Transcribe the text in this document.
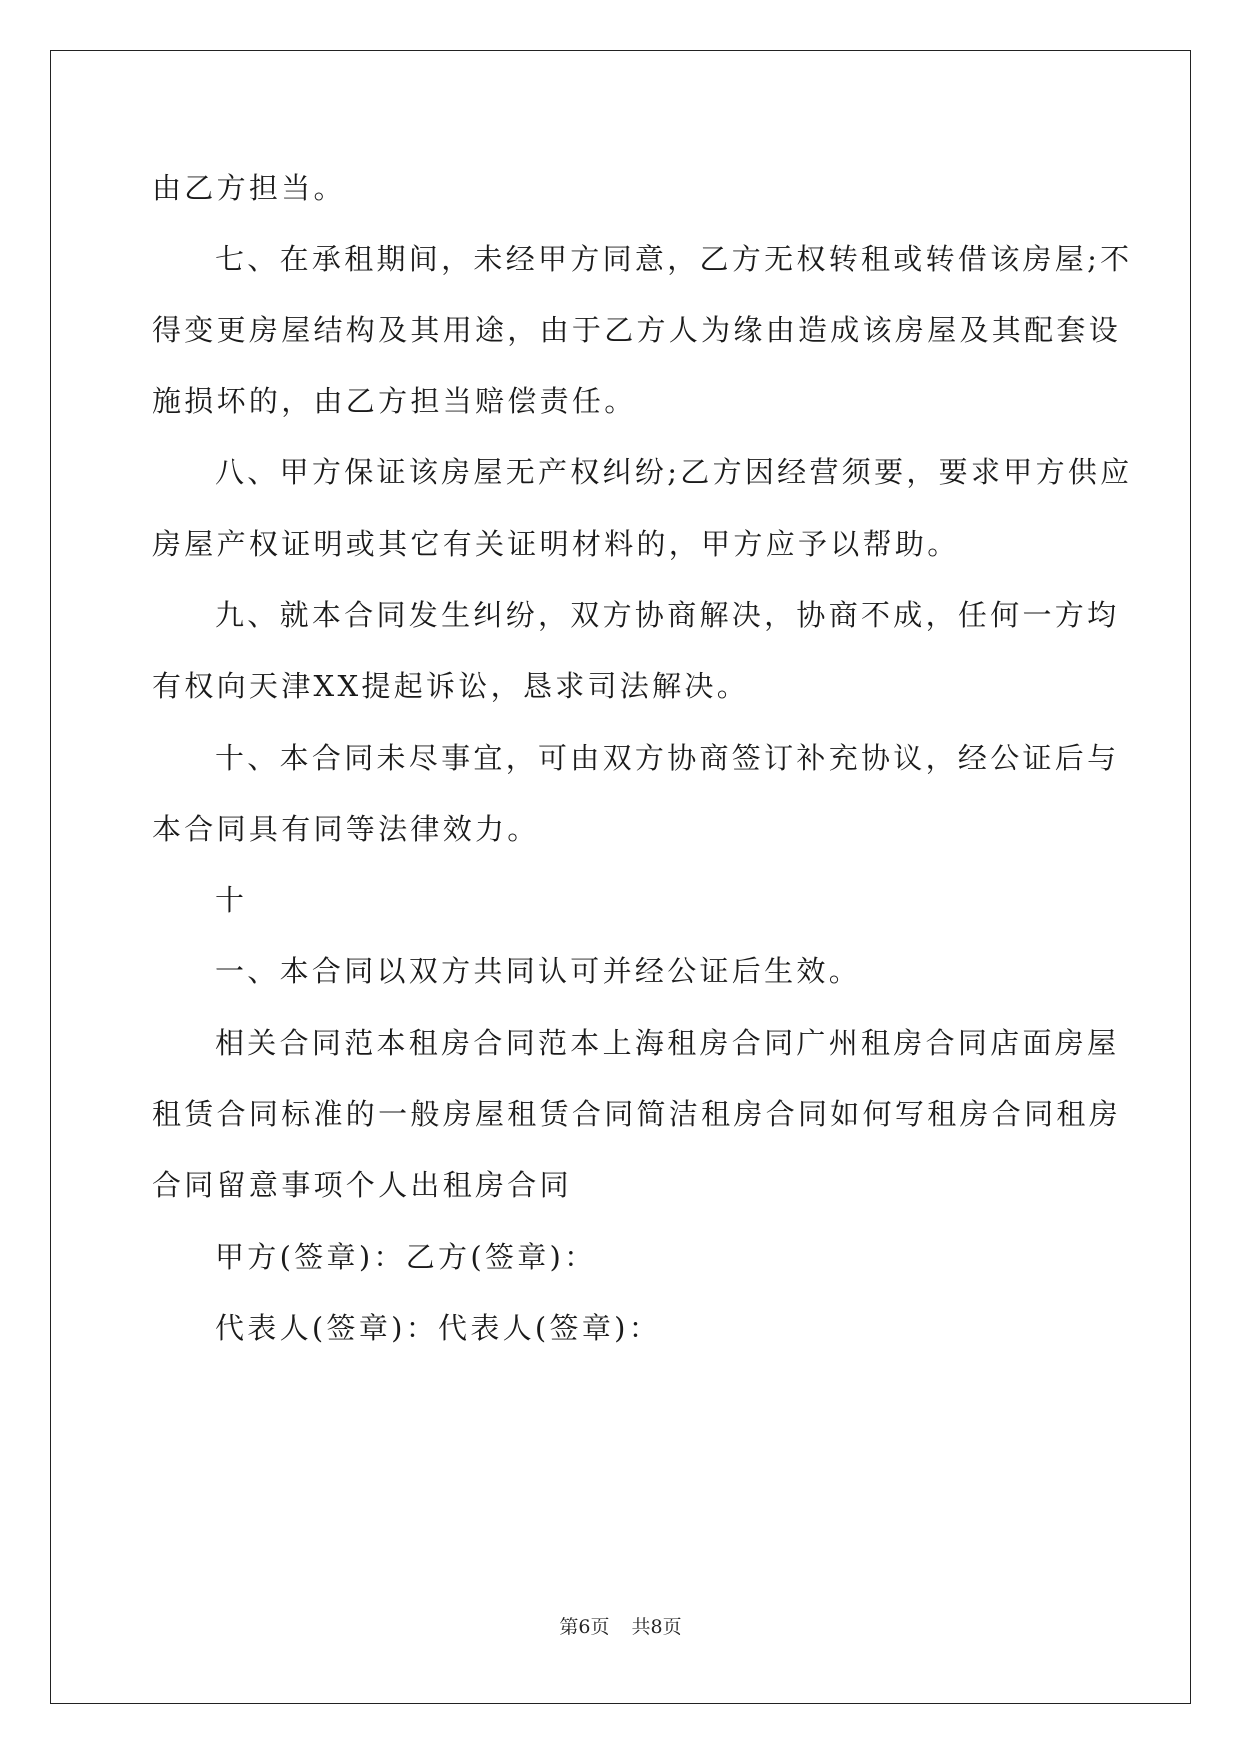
由乙方担当。
七、在承租期间，未经甲方同意，乙方无权转租或转借该房屋;不
得变更房屋结构及其用途，由于乙方人为缘由造成该房屋及其配套设
施损坏的，由乙方担当赔偿责任。
八、甲方保证该房屋无产权纠纷;乙方因经营须要，要求甲方供应
房屋产权证明或其它有关证明材料的，甲方应予以帮助。
九、就本合同发生纠纷，双方协商解决，协商不成，任何一方均
有权向天津XX提起诉讼，恳求司法解决。
十、本合同未尽事宜，可由双方协商签订补充协议，经公证后与
本合同具有同等法律效力。
十
一、本合同以双方共同认可并经公证后生效。
相关合同范本租房合同范本上海租房合同广州租房合同店面房屋
租赁合同标准的一般房屋租赁合同简洁租房合同如何写租房合同租房
合同留意事项个人出租房合同
甲方(签章)：乙方(签章)：
代表人(签章)：代表人(签章)：
第6页 共8页
